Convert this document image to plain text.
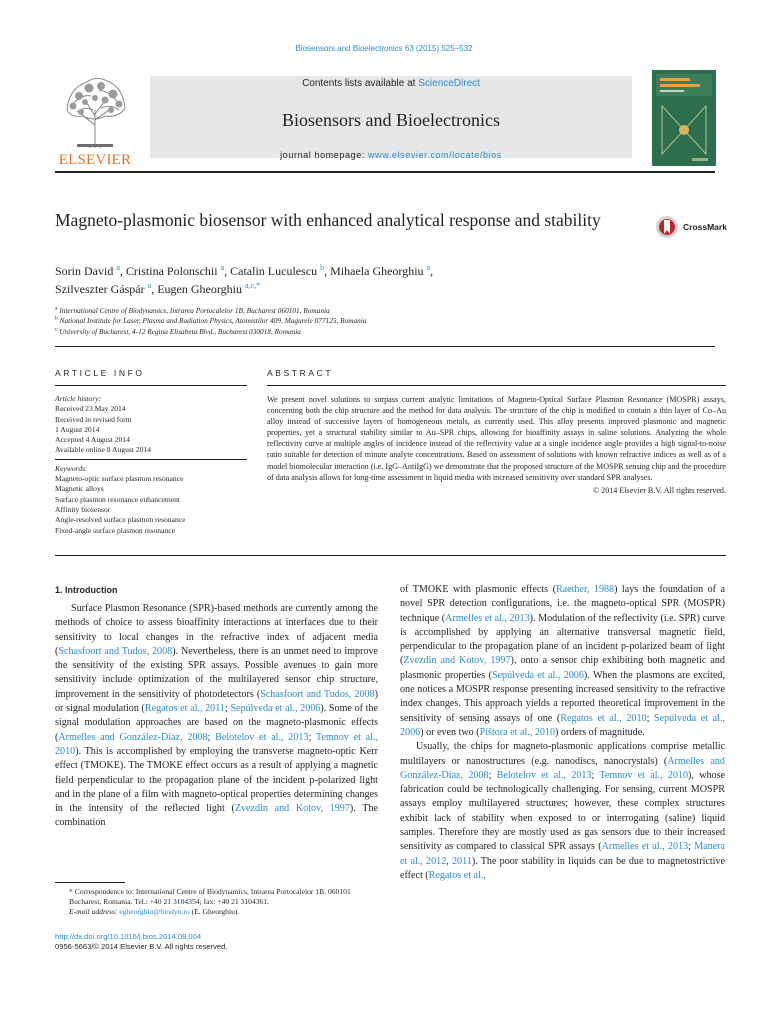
Biosensors and Bioelectronics 63 (2015) 525–532
ELSEVIER
Contents lists available at ScienceDirect
Biosensors and Bioelectronics
journal homepage: www.elsevier.com/locate/bios
Magneto-plasmonic biosensor with enhanced analytical response and stability	CrossMark
Sorin David $^a$, Cristina Polonschii $^a$, Catalin Luculescu $^b$, Mihaela Gheorghiu $^a$,
Szilveszter Gáspár $^a$, Eugen Gheorghiu $^{a,c,*}$
$^a$ International Centre of Biodynamics, Intrarea Portocalelor 1B, Bucharest 060101, Romania
$^b$ National Institute for Laser, Plasma and Radiation Physics, Atomistilor 409, Magurele 077125, Romania
$^c$ University of Bucharest, 4-12 Regina Elisabeta Blvd., Bucharest 030018, Romania
ARTICLE INFO	ABSTRACT
Article history:
Received 23 May 2014
Received in revised form
1 August 2014
Accepted 4 August 2014
Available online 8 August 2014
Keywords:
Magneto-optic surface plasmon resonance
Magnetic alloys
Surface plasmon resonance enhancement
Affinity biosensor
Angle-resolved surface plasmon resonance
Fixed-angle surface plasmon resonance
We present novel solutions to surpass current analytic limitations of Magneto-Optical Surface Plasmon Resonance (MOSPR) assays, concerning both the chip structure and the method for data analysis. The structure of the chip is modified to contain a thin layer of Co–Au alloy instead of successive layers of homogeneous metals, as currently used. This alloy presents improved plasmonic and magnetic properties, yet a structural stability similar to Au–SPR chips, allowing for bioaffinity assays in saline solutions. Analyzing the whole reflectivity curve at multiple angles of incidence instead of the reflectivity value at a single incidence angle provides a high signal-to-noise ratio suitable for detection of minute analyte concentrations. Based on assessment of solutions with known refractive indices as well as of a model biomolecular interaction (i.e. IgG–AntiIgG) we demonstrate that the proposed structure of the MOSPR sensing chip and the procedure of data analysis allows for long-time assessment in liquid media with increased sensitivity over standard SPR analyses.
© 2014 Elsevier B.V. All rights reserved.
1. Introduction

Surface Plasmon Resonance (SPR)-based methods are currently among the methods of choice to assess bioaffinity interactions at interfaces due to their sensitivity to local changes in the refractive index of adjacent media (Schasfoort and Tudos, 2008). Nevertheless, there is an unmet need to improve the sensitivity of the existing SPR assays. Possible avenues to gain more sensitivity include optimization of the multilayered sensor chip structure, improvement in the sensitivity of photodetectors (Schasfoort and Tudos, 2008) or signal modulation (Regatos et al., 2011; Sepúlveda et al., 2006). Some of the signal modulation approaches are based on the magneto-plasmonic effects (Armelles and González-Díaz, 2008; Belotelov et al., 2013; Temnov et al., 2010). This is accomplished by employing the transverse magneto-optic Kerr effect (TMOKE). The TMOKE effect occurs as a result of applying a magnetic field perpendicular to the propagation plane of the incident p-polarized light and in the plane of a film with magneto-optical properties determining changes in the intensity of the reflected light (Zvezdin and Kotov, 1997). The combination

of TMOKE with plasmonic effects (Raether, 1988) lays the foundation of a novel SPR detection configurations, i.e. the magneto-optical SPR (MOSPR) technique (Armelles et al., 2013). Modulation of the reflectivity (i.e. SPR) curve is accomplished by applying an alternative transversal magnetic field, perpendicular to the propagation plane of an incident p-polarized beam of light (Zvezdin and Kotov, 1997), onto a sensor chip exhibiting both magnetic and plasmonic properties (Sepúlveda et al., 2006). When the plasmons are excited, one notices a MOSPR response presenting increased sensitivity to the refractive index changes. This approach yields a reported theoretical improvement in the sensitivity of sensing assays of one (Regatos et al., 2010; Sepúlveda et al., 2006) or even two (Pištora et al., 2010) orders of magnitude.

Usually, the chips for magneto-plasmonic applications comprise metallic multilayers or nanostructures (e.g. nanodiscs, nanocrystals) (Armelles and González-Díaz, 2008; Belotelov et al., 2013; Temnov et al., 2010), whose fabrication could be technologically challenging. For sensing, current MOSPR assays employ multilayered structures; however, these complex structures exhibit lack of stability when exposed to or interrogating (saline) liquid samples. Therefore they are mostly used as gas sensors due to their increased sensitivity as compared to classical SPR assays (Armelles et al., 2013; Manera et al., 2012, 2011). The poor stability in liquids can be due to magnetostrictive effect (Regatos et al.,

* Correspondence to: International Centre of Biodynamics, Intrarea Portocalelor 1B, 060101 Bucharest, Romania. Tel.: +40 21 3104354; fax: +40 21 3104361.
E-mail address: egheorghiu@biodyn.ro (E. Gheorghiu).
http://dx.doi.org/10.1016/j.bios.2014.08.004
0956-5663/© 2014 Elsevier B.V. All rights reserved.
